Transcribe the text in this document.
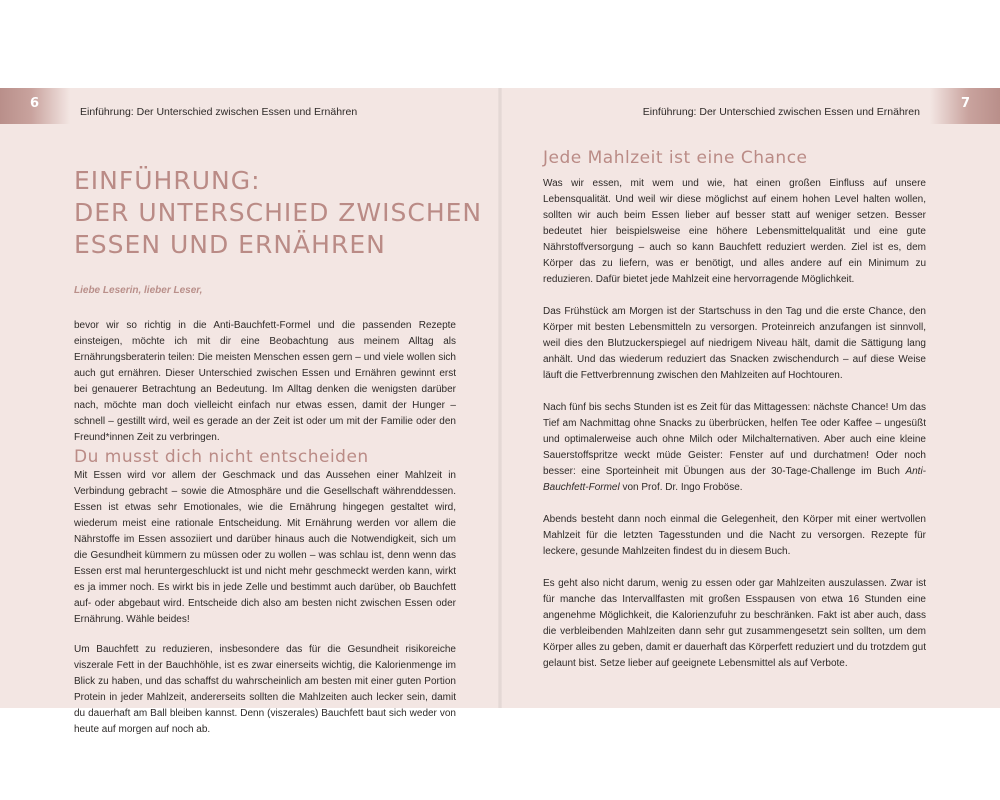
6
Einführung: Der Unterschied zwischen Essen und Ernähren
EINFÜHRUNG:
DER UNTERSCHIED ZWISCHEN
ESSEN UND ERNÄHREN

Liebe Leserin, lieber Leser,

bevor wir so richtig in die Anti-Bauchfett-Formel und die passenden Rezepte einsteigen, möchte ich mit dir eine Beobachtung aus meinem Alltag als Ernährungsberaterin teilen: Die meisten Menschen essen gern – und viele wollen sich auch gut ernähren. Dieser Unterschied zwischen Essen und Ernähren gewinnt erst bei genauerer Betrachtung an Bedeutung. Im Alltag denken die wenigsten darüber nach, möchte man doch vielleicht einfach nur etwas essen, damit der Hunger – schnell – gestillt wird, weil es gerade an der Zeit ist oder um mit der Familie oder den Freund*innen Zeit zu verbringen.

Du musst dich nicht entscheiden

Mit Essen wird vor allem der Geschmack und das Aussehen einer Mahlzeit in Verbindung gebracht – sowie die Atmosphäre und die Gesellschaft währenddessen. Essen ist etwas sehr Emotionales, wie die Ernährung hingegen gestaltet wird, wiederum meist eine rationale Entscheidung. Mit Ernährung werden vor allem die Nährstoffe im Essen assoziiert und darüber hinaus auch die Notwendigkeit, sich um die Gesundheit kümmern zu müssen oder zu wollen – was schlau ist, denn wenn das Essen erst mal heruntergeschluckt ist und nicht mehr geschmeckt werden kann, wirkt es ja immer noch. Es wirkt bis in jede Zelle und bestimmt auch darüber, ob Bauchfett auf- oder abgebaut wird. Entscheide dich also am besten nicht zwischen Essen oder Ernährung. Wähle beides!

Um Bauchfett zu reduzieren, insbesondere das für die Gesundheit risikoreiche viszerale Fett in der Bauchhöhle, ist es zwar einerseits wichtig, die Kalorienmenge im Blick zu haben, und das schaffst du wahrscheinlich am besten mit einer guten Portion Protein in jeder Mahlzeit, andererseits sollten die Mahlzeiten auch lecker sein, damit du dauerhaft am Ball bleiben kannst. Denn (viszerales) Bauchfett baut sich weder von heute auf morgen auf noch ab.

7
Einführung: Der Unterschied zwischen Essen und Ernähren
Jede Mahlzeit ist eine Chance

Was wir essen, mit wem und wie, hat einen großen Einfluss auf unsere Lebensqualität. Und weil wir diese möglichst auf einem hohen Level halten wollen, sollten wir auch beim Essen lieber auf besser statt auf weniger setzen. Besser bedeutet hier beispielsweise eine höhere Lebensmittelqualität und eine gute Nährstoffversorgung – auch so kann Bauchfett reduziert werden. Ziel ist es, dem Körper das zu liefern, was er benötigt, und alles andere auf ein Minimum zu reduzieren. Dafür bietet jede Mahlzeit eine hervorragende Möglichkeit.

Das Frühstück am Morgen ist der Startschuss in den Tag und die erste Chance, den Körper mit besten Lebensmitteln zu versorgen. Proteinreich anzufangen ist sinnvoll, weil dies den Blutzuckerspiegel auf niedrigem Niveau hält, damit die Sättigung lang anhält. Und das wiederum reduziert das Snacken zwischendurch – auf diese Weise läuft die Fettverbrennung zwischen den Mahlzeiten auf Hochtouren.

Nach fünf bis sechs Stunden ist es Zeit für das Mittagessen: nächste Chance! Um das Tief am Nachmittag ohne Snacks zu überbrücken, helfen Tee oder Kaffee – ungesüßt und optimalerweise auch ohne Milch oder Milchalternativen. Aber auch eine kleine Sauerstoffspritze weckt müde Geister: Fenster auf und durchatmen! Oder noch besser: eine Sporteinheit mit Übungen aus der 30-Tage-Challenge im Buch Anti-Bauchfett-Formel von Prof. Dr. Ingo Froböse.

Abends besteht dann noch einmal die Gelegenheit, den Körper mit einer wertvollen Mahlzeit für die letzten Tagesstunden und die Nacht zu versorgen. Rezepte für leckere, gesunde Mahlzeiten findest du in diesem Buch.

Es geht also nicht darum, wenig zu essen oder gar Mahlzeiten auszulassen. Zwar ist für manche das Intervallfasten mit großen Esspausen von etwa 16 Stunden eine angenehme Möglichkeit, die Kalorienzufuhr zu beschränken. Fakt ist aber auch, dass die verbleibenden Mahlzeiten dann sehr gut zusammengesetzt sein sollten, um dem Körper alles zu geben, damit er dauerhaft das Körperfett reduziert und du trotzdem gut gelaunt bist. Setze lieber auf geeignete Lebensmittel als auf Verbote.
